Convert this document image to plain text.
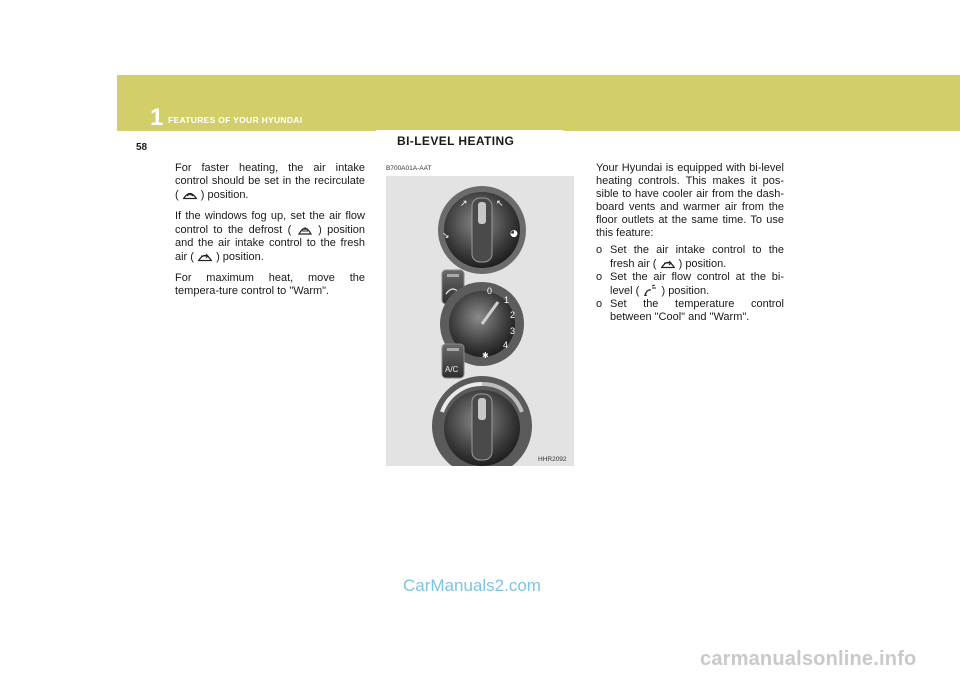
1 FEATURES OF YOUR HYUNDAI
58	BI-LEVEL HEATING

For faster heating, the air intake control should be set in the recirculate ( ) position.

If the windows fog up, set the air flow control to the defrost ( ) position and the air intake control to the fresh air ( ) position.

For maximum heat, move the tempera-ture control to "Warm".

B700A01A-AAT
↗	↖
↘	◕
0
1
2
3
4
✱
A/C
HHR2092

Your Hyundai is equipped with bi-level heating controls. This makes it pos-sible to have cooler air from the dash-board vents and warmer air from the floor outlets at the same time. To use this feature:

o Set the air intake control to the fresh air ( ) position.
o Set the air flow control at the bi-level ( ) position.
o Set the temperature control between "Cool" and "Warm".
CarManuals2.com
carmanualsonline.info
